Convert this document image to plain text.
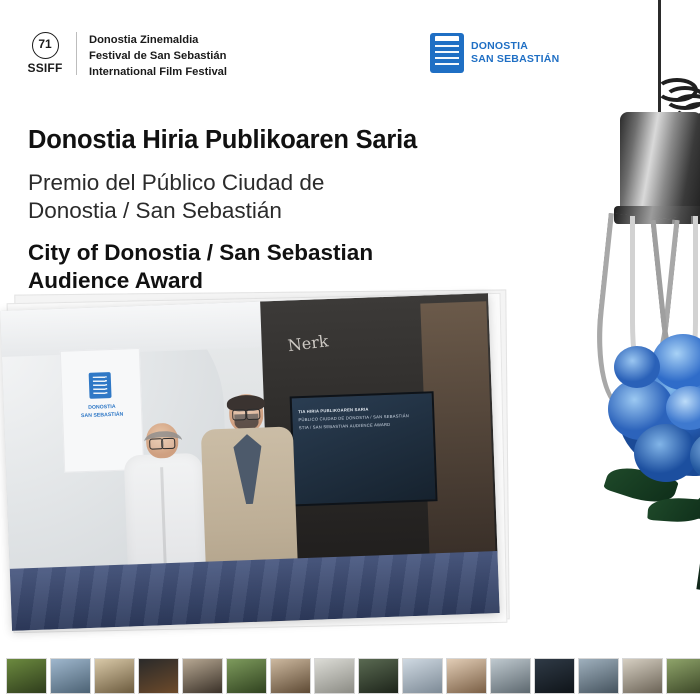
71
SSIFF
Donostia Zinemaldia
Festival de San Sebastián
International Film Festival
DONOSTIA
SAN SEBASTIÁN
Donostia Hiria Publikoaren Saria
Premio del Público Ciudad de
Donostia / San Sebastián
City of Donostia / San Sebastian
Audience Award
Nerk
TIA HIRIA PUBLIKOAREN SARIA
PÚBLICO CIUDAD DE DONOSTIA / SAN SEBASTIÁN
STIA / SAN SEBASTIAN AUDIENCE AWARD
DONOSTIA
SAN SEBASTIÁN
